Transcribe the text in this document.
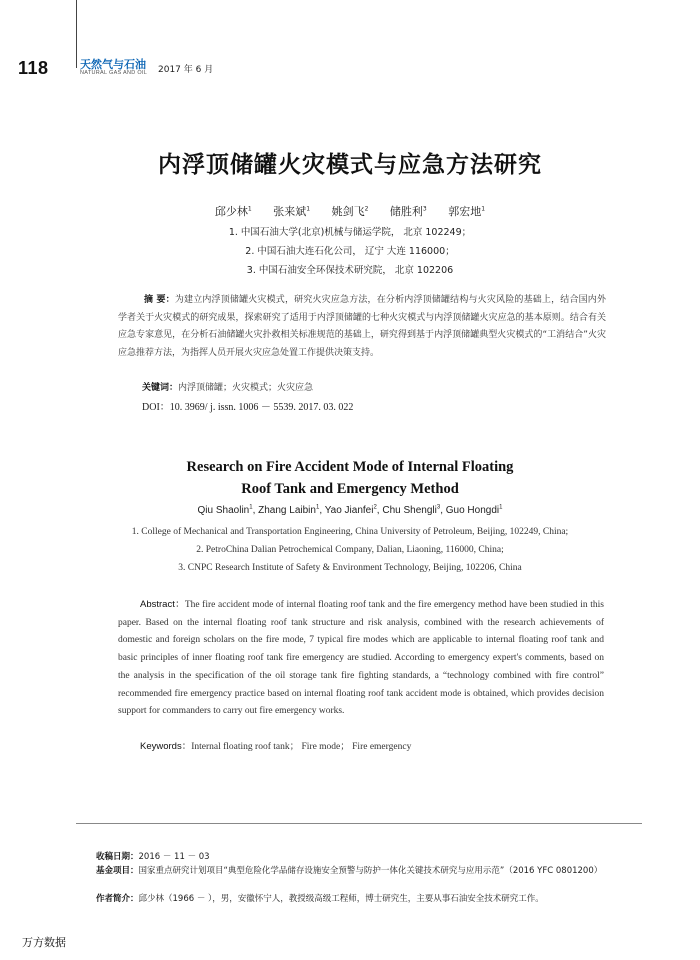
118	天然气与石油
NATURAL GAS AND OIL 2017 年 6 月
内浮顶储罐火灾模式与应急方法研究
邱少林$^1$ 张来斌$^1$ 姚剑飞$^2$ 储胜利$^3$ 郭宏地$^1$
1. 中国石油大学(北京)机械与储运学院， 北京 102249；
2. 中国石油大连石化公司， 辽宁 大连 116000；
3. 中国石油安全环保技术研究院， 北京 102206
摘 要：为建立内浮顶储罐火灾模式，研究火灾应急方法，在分析内浮顶储罐结构与火灾风险的基础上，结合国内外学者关于火灾模式的研究成果，探索研究了适用于内浮顶储罐的七种火灾模式与内浮顶储罐火灾应急的基本原则。结合有关应急专家意见，在分析石油储罐火灾扑救相关标准规范的基础上，研究得到基于内浮顶储罐典型火灾模式的“工消结合”火灾应急推荐方法，为指挥人员开展火灾应急处置工作提供决策支持。
关键词：内浮顶储罐；火灾模式；火灾应急
DOI：10. 3969/ j. issn. 1006 － 5539. 2017. 03. 022
Research on Fire Accident Mode of Internal Floating
Roof Tank and Emergency Method
Qiu Shaolin$^1$, Zhang Laibin$^1$, Yao Jianfei$^2$, Chu Shengli$^3$, Guo Hongdi$^1$
1. College of Mechanical and Transportation Engineering, China University of Petroleum, Beijing, 102249, China;
2. PetroChina Dalian Petrochemical Company, Dalian, Liaoning, 116000, China;
3. CNPC Research Institute of Safety & Environment Technology, Beijing, 102206, China
Abstract：The fire accident mode of internal floating roof tank and the fire emergency method have been studied in this paper. Based on the internal floating roof tank structure and risk analysis, combined with the research achievements of domestic and foreign scholars on the fire mode, 7 typical fire modes which are applicable to internal floating roof tank and basic principles of inner floating roof tank fire emergency are studied. According to emergency expert's comments, based on the analysis in the specification of the oil storage tank fire fighting standards, a “technology combined with fire control” recommended fire emergency practice based on internal floating roof tank accident mode is obtained, which provides decision support for commanders to carry out fire emergency works.
Keywords：Internal floating roof tank； Fire mode； Fire emergency
收稿日期：2016 － 11 － 03
基金项目：国家重点研究计划项目“典型危险化学品储存设施安全预警与防护一体化关键技术研究与应用示范”（2016 YFC 0801200）
作者简介：邱少林（1966 － ），男，安徽怀宁人，教授级高级工程师，博士研究生，主要从事石油安全技术研究工作。
万方数据
